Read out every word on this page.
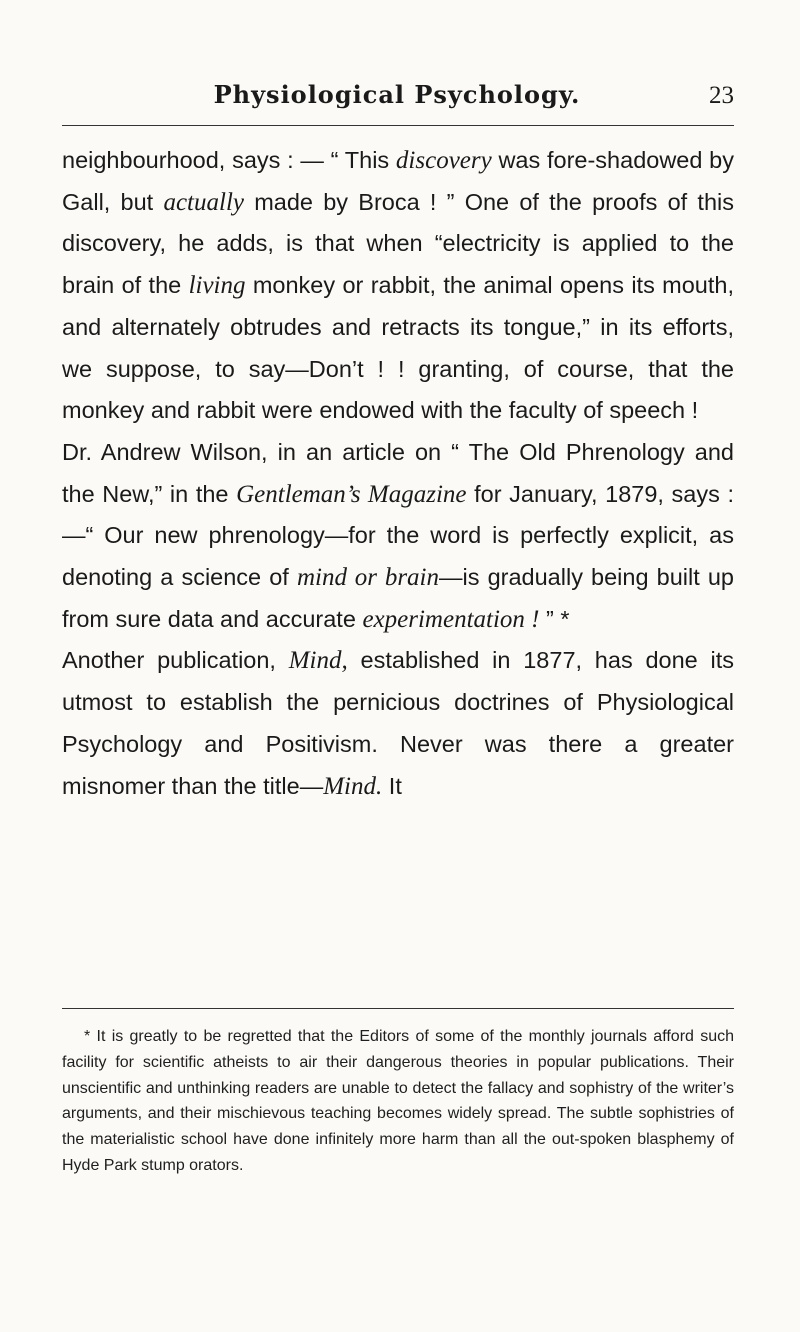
Physiological Psychology.	23

neighbourhood, says : — “ This discovery was fore-shadowed by Gall, but actually made by Broca ! ” One of the proofs of this discovery, he adds, is that when “electricity is applied to the brain of the living monkey or rabbit, the animal opens its mouth, and alternately obtrudes and retracts its tongue,” in its efforts, we suppose, to say—Don’t ! ! granting, of course, that the monkey and rabbit were endowed with the faculty of speech !

Dr. Andrew Wilson, in an article on “ The Old Phrenology and the New,” in the Gentleman’s Magazine for January, 1879, says :—“ Our new phrenology—for the word is perfectly explicit, as denoting a science of mind or brain—is gradually being built up from sure data and accurate experimentation ! ” *

Another publication, Mind, established in 1877, has done its utmost to establish the pernicious doctrines of Physiological Psychology and Positivism. Never was there a greater misnomer than the title—Mind. It

* It is greatly to be regretted that the Editors of some of the monthly journals afford such facility for scientific atheists to air their dangerous theories in popular publications. Their unscientific and unthinking readers are unable to detect the fallacy and sophistry of the writer’s arguments, and their mischievous teaching becomes widely spread. The subtle sophistries of the materialistic school have done infinitely more harm than all the out-spoken blasphemy of Hyde Park stump orators.
